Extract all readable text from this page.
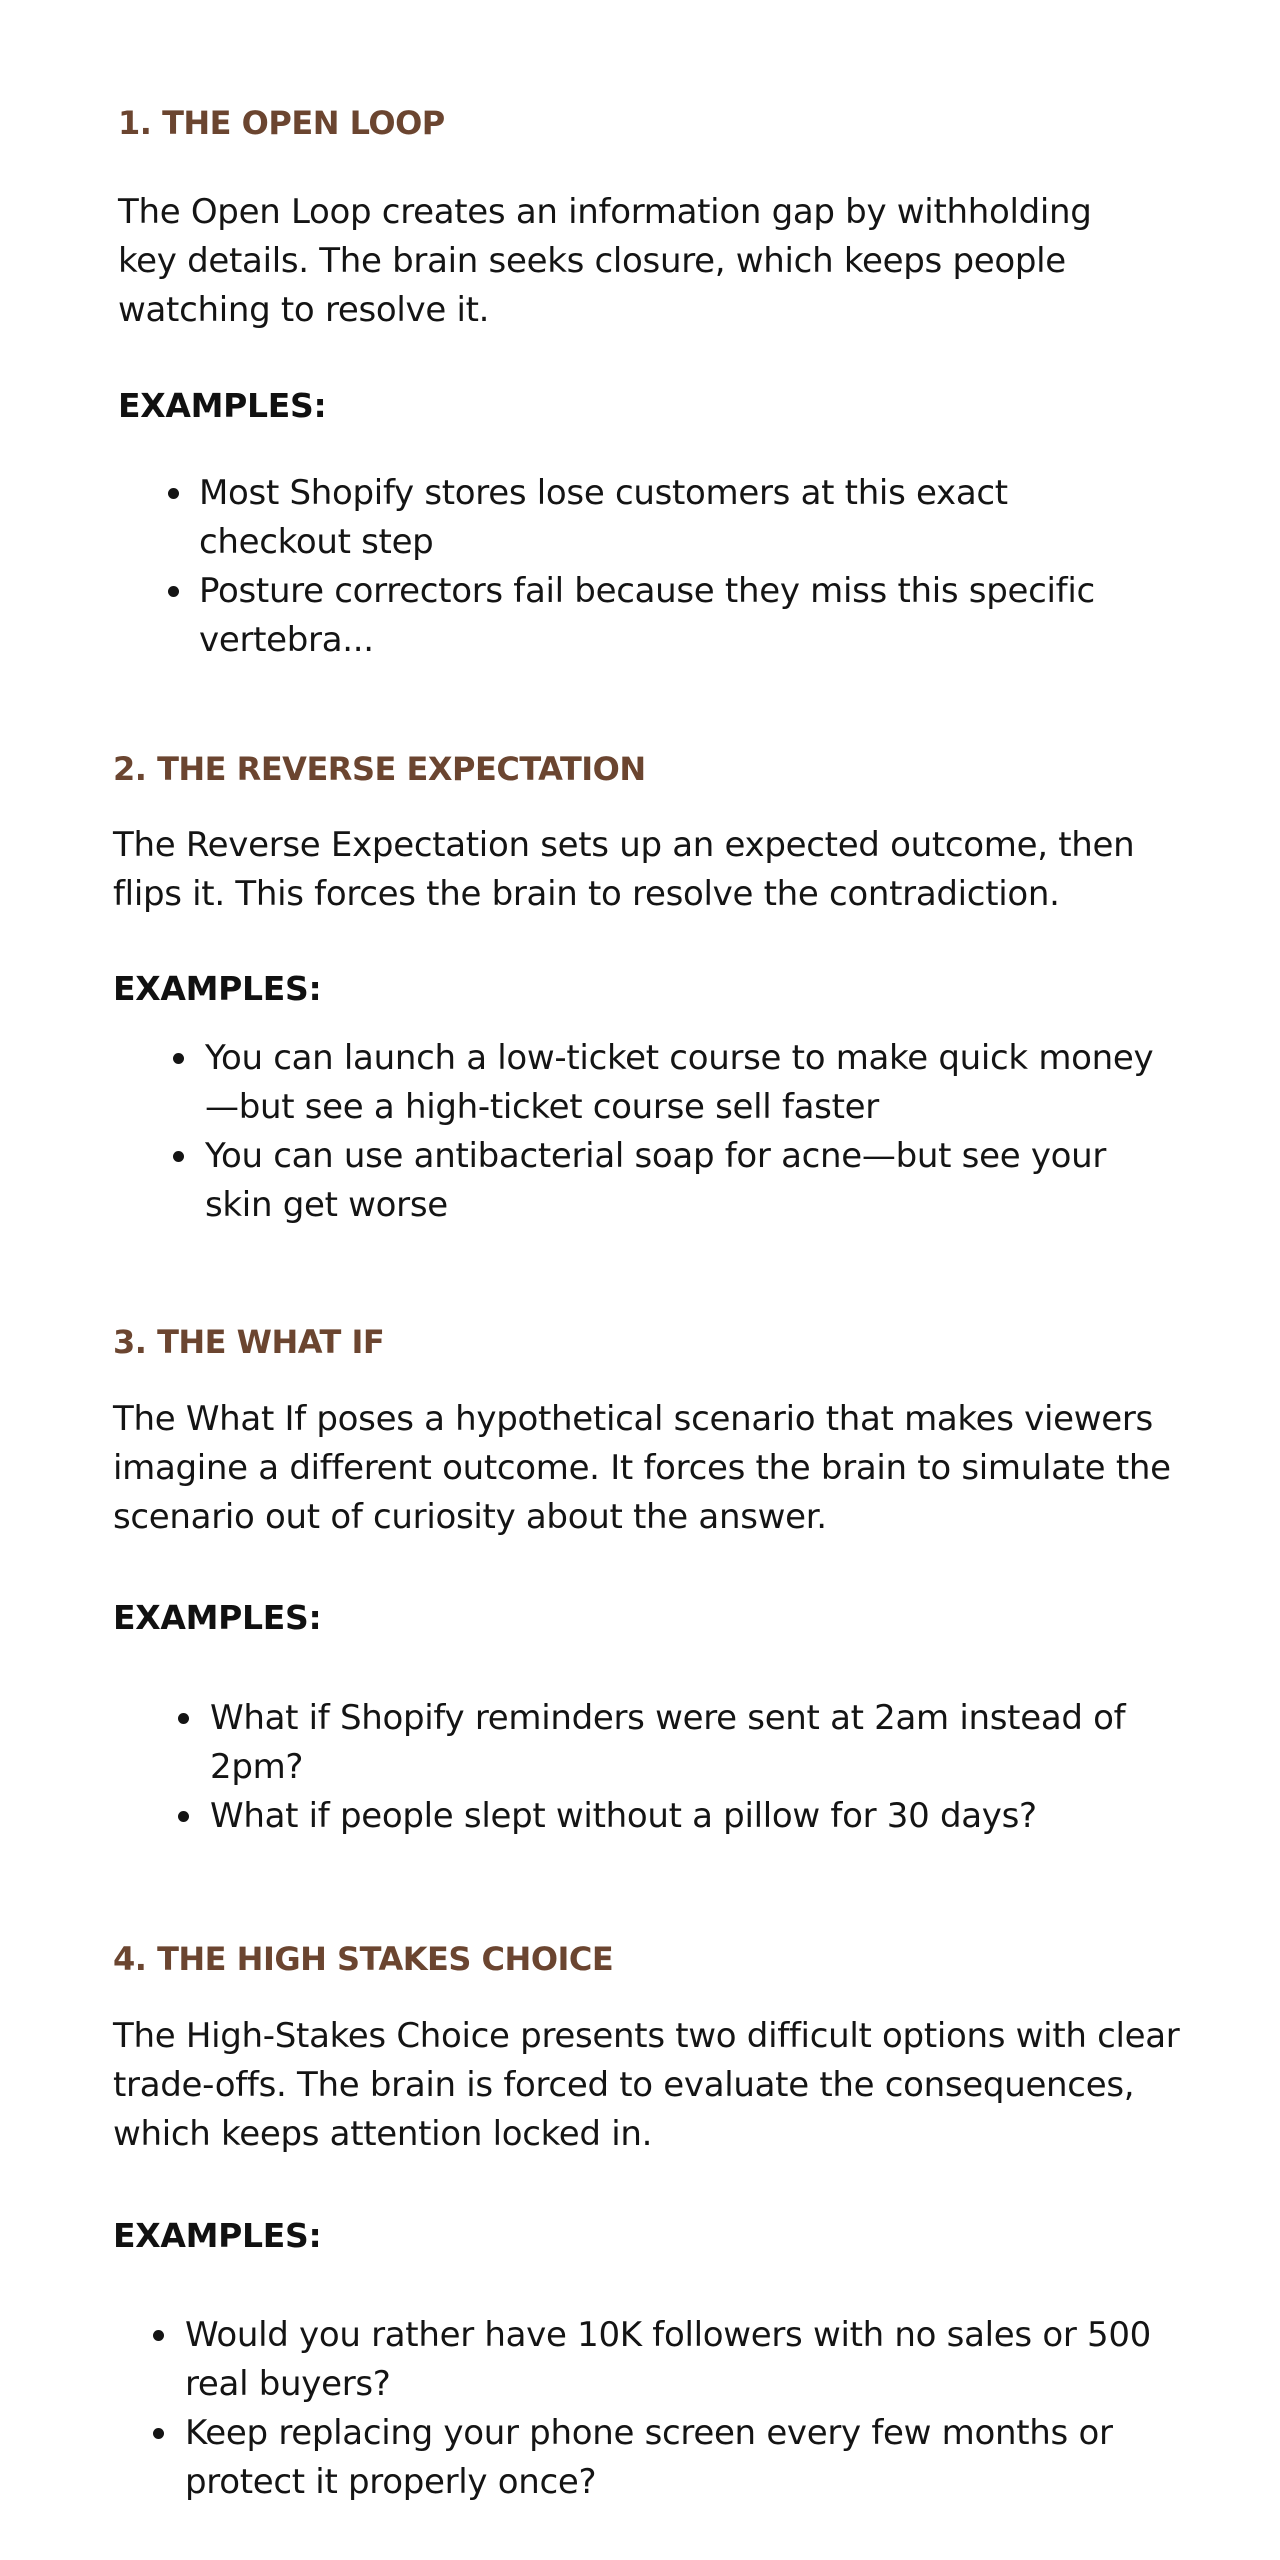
1. THE OPEN LOOP

The Open Loop creates an information gap by withholding key details. The brain seeks closure, which keeps people watching to resolve it.

EXAMPLES:
Most Shopify stores lose customers at this exact checkout step
Posture correctors fail because they miss this specific vertebra...
2. THE REVERSE EXPECTATION

The Reverse Expectation sets up an expected outcome, then flips it. This forces the brain to resolve the contradiction.

EXAMPLES:
You can launch a low-ticket course to make quick money—but see a high-ticket course sell faster
You can use antibacterial soap for acne—but see your skin get worse
3. THE WHAT IF

The What If poses a hypothetical scenario that makes viewers imagine a different outcome. It forces the brain to simulate the scenario out of curiosity about the answer.

EXAMPLES:
What if Shopify reminders were sent at 2am instead of 2pm?
What if people slept without a pillow for 30 days?
4. THE HIGH STAKES CHOICE

The High-Stakes Choice presents two difficult options with clear trade-offs. The brain is forced to evaluate the consequences, which keeps attention locked in.

EXAMPLES:
Would you rather have 10K followers with no sales or 500 real buyers?
Keep replacing your phone screen every few months or protect it properly once?
